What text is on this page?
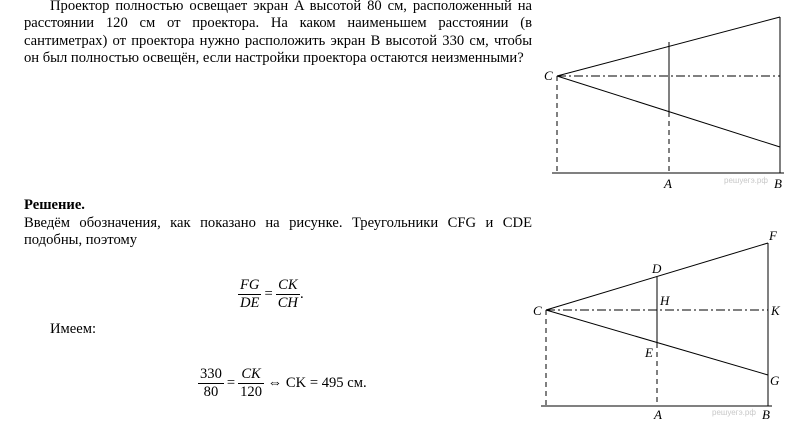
Проектор полностью освещает экран A высотой 80 см, расположенный на расстоянии 120 см от проектора. На каком наименьшем расстоянии (в сантиметрах) от проектора нужно расположить экран B высотой 330 см, чтобы он был полностью освещён, если настройки проектора остаются неизменными?

Решение.

Введём обозначения, как показано на рисунке. Треугольники CFG и CDE подобны, поэтому

$\frac{FG}{DE} = \frac{CK}{CH}$ .
Имеем:
$\frac{330}{80} = \frac{CK}{120}$ ⇔ CK = 495 см.
C
A	B
решуегэ.рф
C
D
H
E
A
F
K
G
B
решуегэ.рф
